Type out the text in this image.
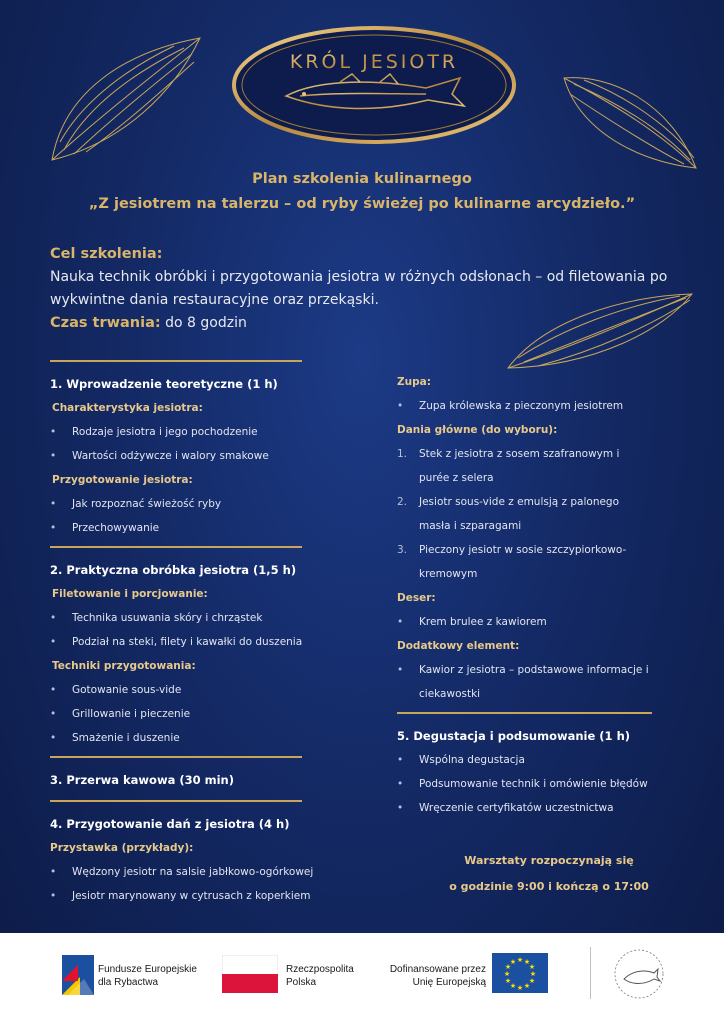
KRÓL JESIOTR

Plan szkolenia kulinarnego

„Z jesiotrem na talerzu – od ryby świeżej po kulinarne arcydzieło.”

Cel szkolenia:
Nauka technik obróbki i przygotowania jesiotra w różnych odsłonach – od filetowania po wykwintne dania restauracyjne oraz przekąski.
Czas trwania: do 8 godzin
1. Wprowadzenie teoretyczne (1 h)
Charakterystyka jesiotra:
• Rodzaje jesiotra i jego pochodzenie
• Wartości odżywcze i walory smakowe
Przygotowanie jesiotra:
• Jak rozpoznać świeżość ryby
• Przechowywanie
2. Praktyczna obróbka jesiotra (1,5 h)
Filetowanie i porcjowanie:
• Technika usuwania skóry i chrząstek
• Podział na steki, filety i kawałki do duszenia
Techniki przygotowania:
• Gotowanie sous-vide
• Grillowanie i pieczenie
• Smażenie i duszenie
3. Przerwa kawowa (30 min)
4. Przygotowanie dań z jesiotra (4 h)
Przystawka (przykłady):
• Wędzony jesiotr na salsie jabłkowo-ogórkowej
• Jesiotr marynowany w cytrusach z koperkiem
Zupa:
• Zupa królewska z pieczonym jesiotrem
Dania główne (do wyboru):
1. Stek z jesiotra z sosem szafranowym i purée z selera
2. Jesiotr sous-vide z emulsją z palonego masła i szparagami
3. Pieczony jesiotr w sosie szczypiorkowo-kremowym
Deser:
• Krem brulee z kawiorem
Dodatkowy element:
• Kawior z jesiotra – podstawowe informacje i ciekawostki
5. Degustacja i podsumowanie (1 h)
• Wspólna degustacja
• Podsumowanie technik i omówienie błędów
• Wręczenie certyfikatów uczestnictwa
Warsztaty rozpoczynają się
o godzinie 9:00 i kończą o 17:00
Fundusze Europejskie
dla Rybactwa
Rzeczpospolita
Polska
Dofinansowane przez
Unię Europejską
★ ★
★
★
★
★
★
★
★
★
★
★
